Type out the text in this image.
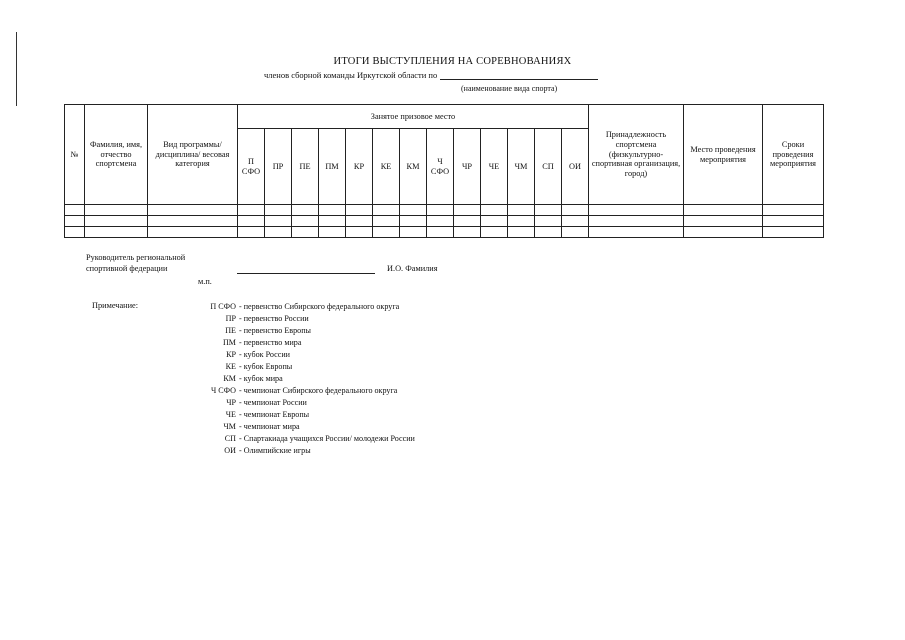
ИТОГИ ВЫСТУПЛЕНИЯ НА СОРЕВНОВАНИЯХ
членов сборной команды Иркутской области по
(наименование вида спорта)
№	Фамилия, имя, отчество спортсмена	Вид программы/ дисциплина/ весовая категория	Занятое призовое место													Принадлежность спортсмена (физкультурно-спортивная организация, город)	Место проведения мероприятия	Сроки проведения мероприятия
			П СФО	ПР	ПЕ	ПМ	КР	КЕ	КМ	Ч СФО	ЧР	ЧЕ	ЧМ	СП	ОИ			

Руководитель региональной
спортивной федерации
м.п.
И.О. Фамилия
Примечание:	П СФО - первенство Сибирского федерального округа
ПР - первенство России
ПЕ - первенство Европы
ПМ - первенство мира
КР - кубок России
КЕ - кубок Европы
КМ - кубок мира
Ч СФО - чемпионат Сибирского федерального округа
ЧР - чемпионат России
ЧЕ - чемпионат Европы
ЧМ - чемпионат мира
СП - Спартакиада учащихся России/ молодежи России
ОИ - Олимпийские игры
